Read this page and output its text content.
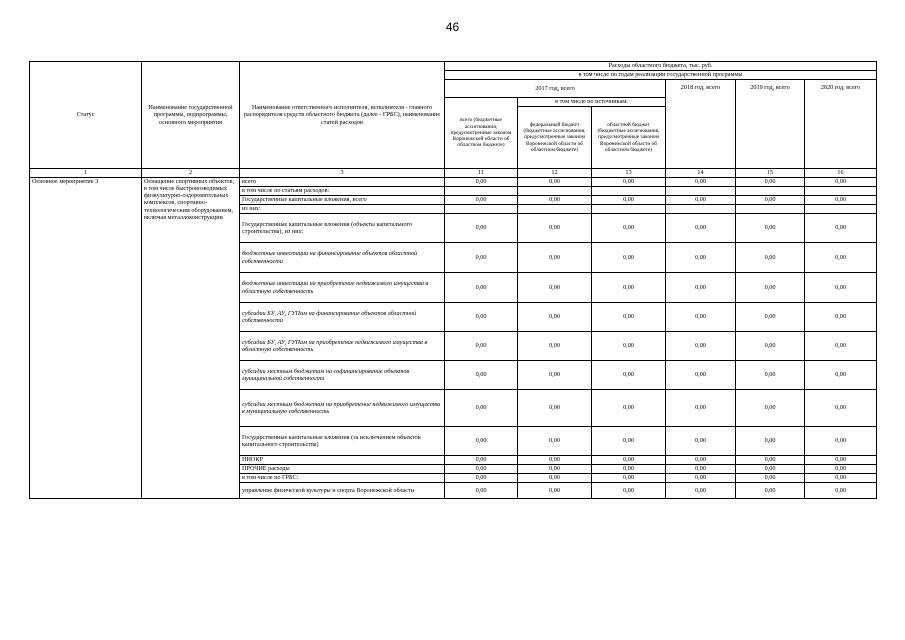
46
Статус	Наименование государственной программы, подпрограммы, основного мероприятия	Наименование ответственного исполнителя, исполнителя - главного распорядителя средств областного бюджета (далее - ГРБС), наименование статей расходов	Расходы областного бюджета, тыс. руб.					
			в том числе по годам реализации государственной программы					
			2017 год, всего			2018 год, всего	2019 год, всего	2020 год, всего
			всего (бюджетные ассигнования, предусмотренные законом Воронежской области об областном бюджете)	в том числе по источникам:				
				федеральный бюджет (бюджетные ассигнования, предусмотренные законом Воронежской области об областном бюджете)	областной бюджет (бюджетные ассигнования, предусмотренные законом Воронежской области об областном бюджете)			
1	2	3	11	12	13	14	15	16
Основное мероприятие 3	Оснащение спортивных объектов, в том числе быстровозводимых физкультурно-оздоровительных комплексов, спортивно-технологическим оборудованием, включая металлоконструкции	всего	0,00	0,00	0,00	0,00	0,00	0,00
		в том числе по статьям расходов:						
		Государственные капитальные вложения, всего	0,00	0,00	0,00	0,00	0,00	0,00
		из них:						
		Государственные капитальные вложения (объекты капитального строительства), из них:	0,00	0,00	0,00	0,00	0,00	0,00
		бюджетные инвестиции на финансирование объектов областной собственности	0,00	0,00	0,00	0,00	0,00	0,00
		бюджетные инвестиции на приобретение недвижимого имущества в областную собственность	0,00	0,00	0,00	0,00	0,00	0,00
		субсидии БУ, АУ, ГУПам на финансирование объектов областной собственности	0,00	0,00	0,00	0,00	0,00	0,00
		субсидии БУ, АУ, ГУПам на приобретение недвижимого имущества в областную собственность	0,00	0,00	0,00	0,00	0,00	0,00
		субсидии местным бюджетам на софинансирование объектов муниципальной собственности	0,00	0,00	0,00	0,00	0,00	0,00
		субсидии местным бюджетам на приобретение недвижимого имущества в муниципальную собственность	0,00	0,00	0,00	0,00	0,00	0,00
		Государственные капитальные вложения (за исключением объектов капитального строительства)	0,00	0,00	0,00	0,00	0,00	0,00
		НИОКР	0,00	0,00	0,00	0,00	0,00	0,00
		ПРОЧИЕ расходы	0,00	0,00	0,00	0,00	0,00	0,00
		в том числе по ГРБС:	0,00	0,00	0,00	0,00	0,00	0,00
		управление физической культуры и спорта Воронежской области	0,00	0,00	0,00	0,00	0,00	0,00
